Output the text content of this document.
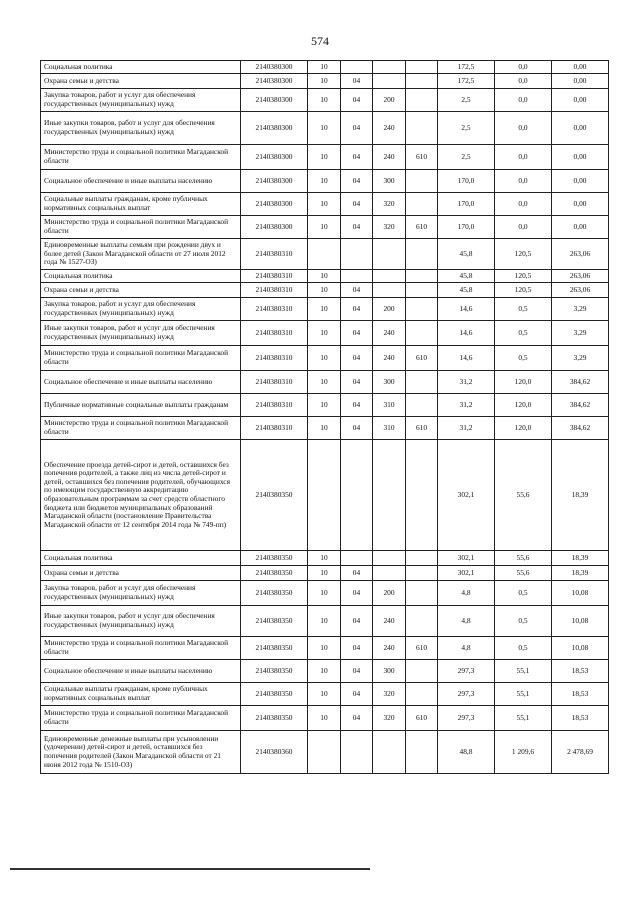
574
Социальная политика	2140380300	10				172,5	0,0	0,00
Охрана семьи и детства	2140380300	10	04			172,5	0,0	0,00
Закупка товаров, работ и услуг для обеспечения государственных (муниципальных) нужд	2140380300	10	04	200		2,5	0,0	0,00
Иные закупки товаров, работ и услуг для обеспечения государственных (муниципальных) нужд	2140380300	10	04	240		2,5	0,0	0,00
Министерство труда и социальной политики Магаданской области	2140380300	10	04	240	610	2,5	0,0	0,00
Социальное обеспечение и иные выплаты населению	2140380300	10	04	300		170,0	0,0	0,00
Социальные выплаты гражданам, кроме публичных нормативных социальных выплат	2140380300	10	04	320		170,0	0,0	0,00
Министерство труда и социальной политики Магаданской области	2140380300	10	04	320	610	170,0	0,0	0,00
Единовременные выплаты семьям при рождении двух и более детей (Закон Магаданской области от 27 июля 2012 года № 1527-ОЗ)	2140380310					45,8	120,5	263,06
Социальная политика	2140380310	10				45,8	120,5	263,06
Охрана семьи и детства	2140380310	10	04			45,8	120,5	263,06
Закупка товаров, работ и услуг для обеспечения государственных (муниципальных) нужд	2140380310	10	04	200		14,6	0,5	3,29
Иные закупки товаров, работ и услуг для обеспечения государственных (муниципальных) нужд	2140380310	10	04	240		14,6	0,5	3,29
Министерство труда и социальной политики Магаданской области	2140380310	10	04	240	610	14,6	0,5	3,29
Социальное обеспечение и иные выплаты населению	2140380310	10	04	300		31,2	120,0	384,62
Публичные нормативные социальные выплаты гражданам	2140380310	10	04	310		31,2	120,0	384,62
Министерство труда и социальной политики Магаданской области	2140380310	10	04	310	610	31,2	120,0	384,62
Обеспечение проезда детей-сирот и детей, оставшихся без попечения родителей, а также лиц из числа детей-сирот и детей, оставшихся без попечения родителей, обучающихся по имеющим государственную аккредитацию образовательным программам за счет средств областного бюджета или бюджетов муниципальных образований Магаданской области (постановление Правительства Магаданской области от 12 сентября 2014 года № 749-пп)	2140380350					302,1	55,6	18,39
Социальная политика	2140380350	10				302,1	55,6	18,39
Охрана семьи и детства	2140380350	10	04			302,1	55,6	18,39
Закупка товаров, работ и услуг для обеспечения государственных (муниципальных) нужд	2140380350	10	04	200		4,8	0,5	10,08
Иные закупки товаров, работ и услуг для обеспечения государственных (муниципальных) нужд	2140380350	10	04	240		4,8	0,5	10,08
Министерство труда и социальной политики Магаданской области	2140380350	10	04	240	610	4,8	0,5	10,08
Социальное обеспечение и иные выплаты населению	2140380350	10	04	300		297,3	55,1	18,53
Социальные выплаты гражданам, кроме публичных нормативных социальных выплат	2140380350	10	04	320		297,3	55,1	18,53
Министерство труда и социальной политики Магаданской области	2140380350	10	04	320	610	297,3	55,1	18,53
Единовременные денежные выплаты при усыновлении (удочерении) детей-сирот и детей, оставшихся без попечения родителей (Закон Магаданской области от 21 июня 2012 года № 1510-ОЗ)	2140380360					48,8	1 209,6	2 478,69
